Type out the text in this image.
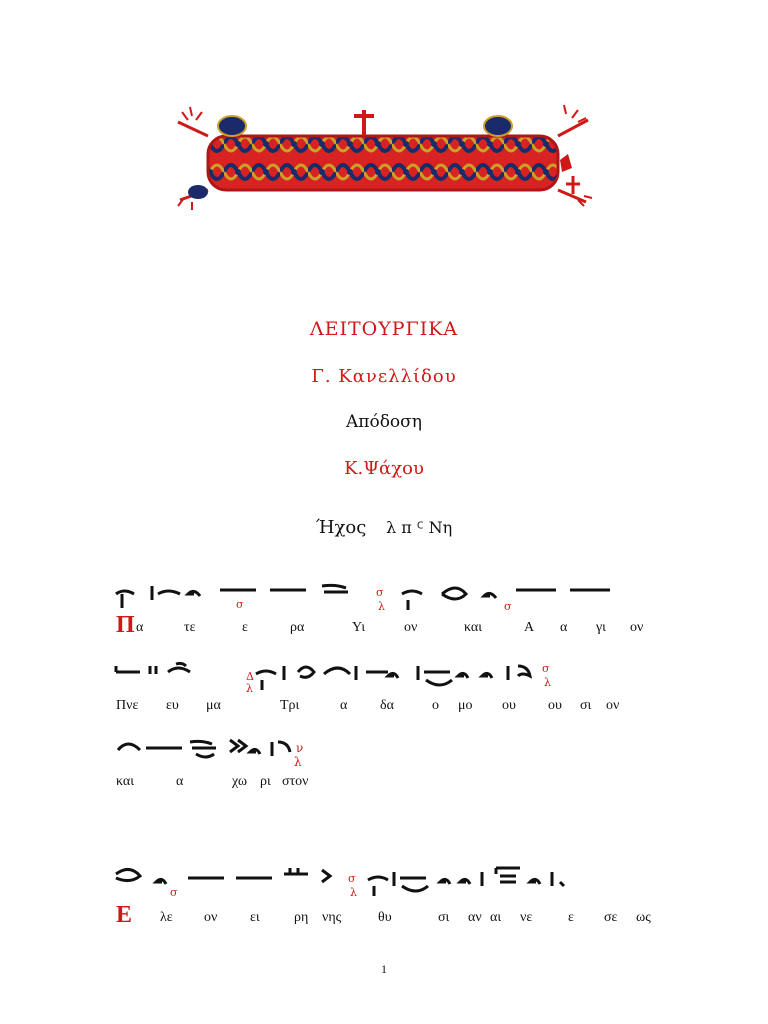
ΛΕΙΤΟΥΡΓΙΚΑ
Γ. Κανελλίδου
Απόδοση
Κ.Ψάχου
Ήχος λ π ꟲ Νη
σ
σ
λ	σ
Π α	τε	ε	ρα	Υι	ον	και	Α α γι ον
Δ
λ
σ
λ
Πνε ευ μα	Τρι	α δα	ο μο ου ου σι ον
ν
λ
και	α	χω ρι στον
σ
λ
σ
Ε λε ον ει ρη νης	θυ	σι αν αι νε	ε σε ως
1
